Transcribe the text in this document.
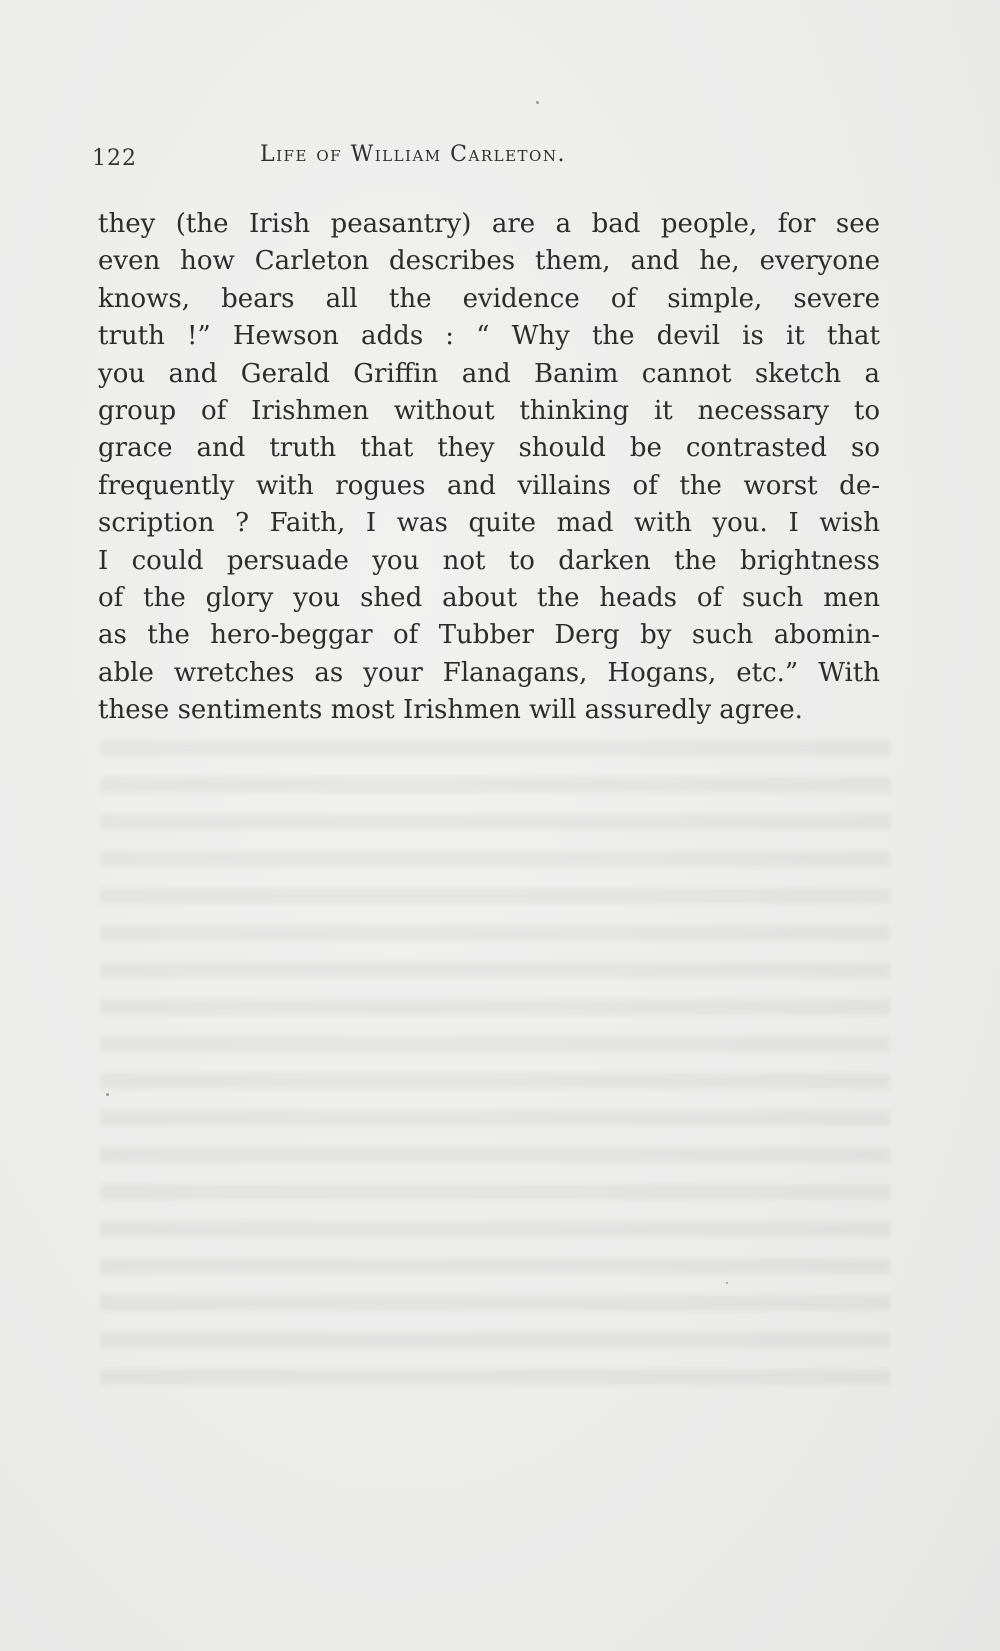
122	Life of William Carleton.
they (the Irish peasantry) are a bad people, for see
even how Carleton describes them, and he, everyone
knows, bears all the evidence of simple, severe
truth !” Hewson adds : “ Why the devil is it that
you and Gerald Griffin and Banim cannot sketch a
group of Irishmen without thinking it necessary to
grace and truth that they should be contrasted so
frequently with rogues and villains of the worst de-
scription ? Faith, I was quite mad with you. I wish
I could persuade you not to darken the brightness
of the glory you shed about the heads of such men
as the hero-beggar of Tubber Derg by such abomin-
able wretches as your Flanagans, Hogans, etc.” With
these sentiments most Irishmen will assuredly agree.
